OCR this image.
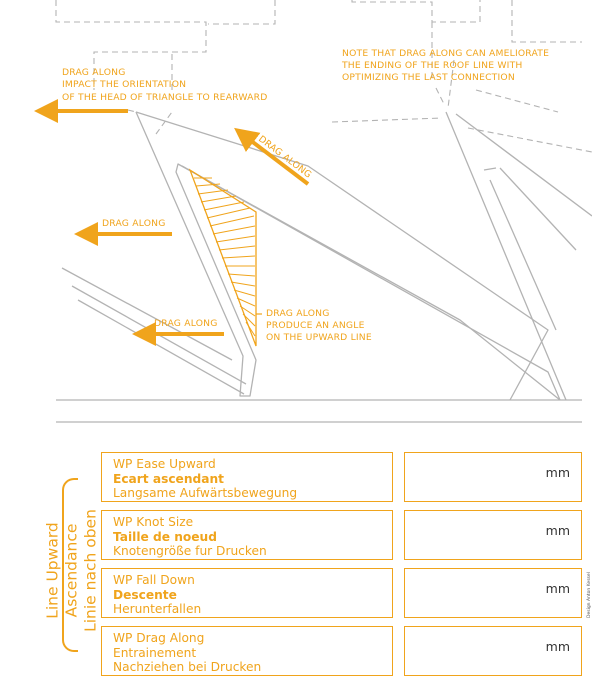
DRAG ALONG IMPACT THE ORIENTATION OF THE HEAD OF TRIANGLE TO REARWARD
NOTE THAT DRAG ALONG CAN AMELIORATE THE ENDING OF THE ROOF LINE WITH OPTIMIZING THE LAST CONNECTION
DRAG ALONG
DRAG ALONG
DRAG ALONG
DRAG ALONG PRODUCE AN ANGLE ON THE UPWARD LINE
Line Upward Ascendance Linie nach oben
WP Ease Upward
Ecart ascendant
Langsame Aufwärtsbewegung
mm
WP Knot Size
Taille de noeud
Knotengröße fur Drucken
mm
WP Fall Down
Descente
Herunterfallen
mm
WP Drag Along
Entrainement
Nachziehen bei Drucken
mm
Design Anton Kessel
